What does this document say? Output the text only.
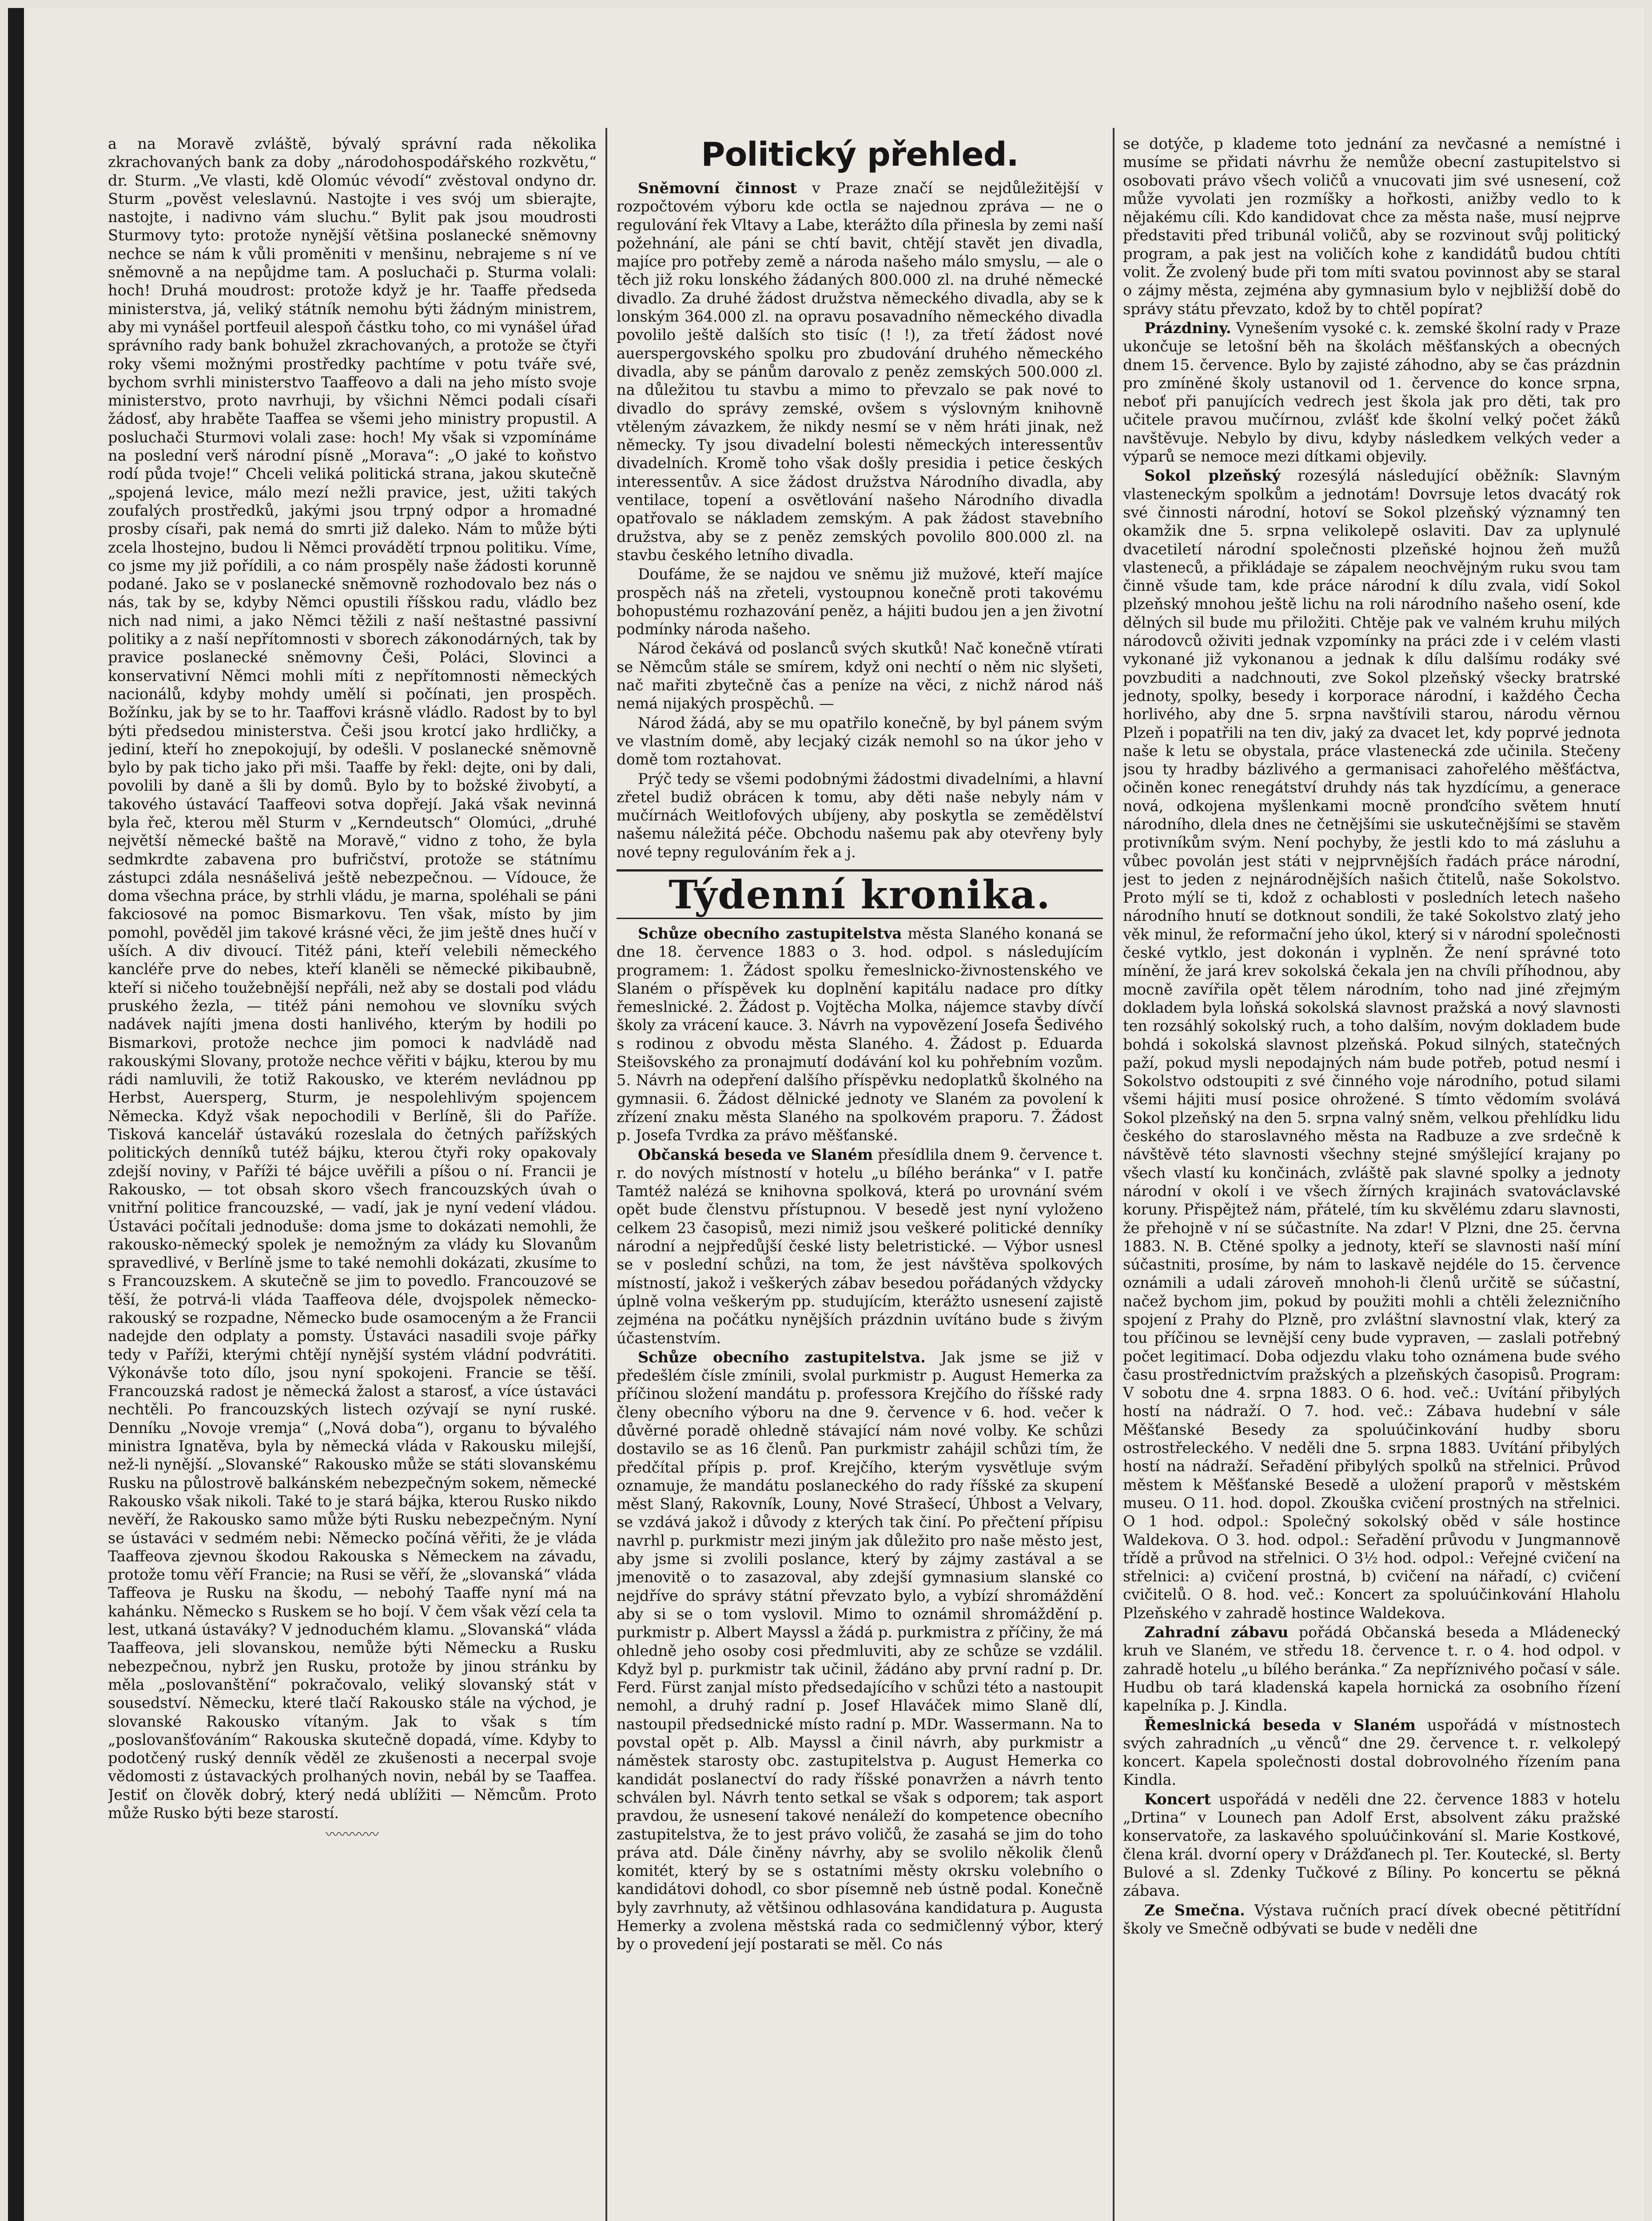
a na Moravě zvláště, bývalý správní rada několika zkrachovaných bank za doby „národohospodářského rozkvětu,“ dr. Sturm. „Ve vlasti, kdě Olomúc vévodí“ zvěstoval ondyno dr. Sturm „pověst veleslavnú. Nastojte i ves svój um sbierajte, nastojte, i nadivno vám sluchu.“ Bylit pak jsou moudrosti Sturmovy tyto: protože nynější většina poslanecké sněmovny nechce se nám k vůli proměniti v menšinu, nebrajeme s ní ve sněmovně a na nepůjdme tam. A posluchači p. Sturma volali: hoch! Druhá moudrost: protože když je hr. Taaffe předseda ministerstva, já, veliký státník nemohu býti žádným ministrem, aby mi vynášel portfeuil alespoň částku toho, co mi vynášel úřad správního rady bank bohužel zkrachovaných, a protože se čtyři roky všemi možnými prostředky pachtíme v potu tváře své, bychom svrhli ministerstvo Taaffeovo a dali na jeho místo svoje ministerstvo, proto navrhuji, by všichni Němci podali císaři žádosť, aby hraběte Taaffea se všemi jeho ministry propustil. A posluchači Sturmovi volali zase: hoch! My však si vzpomínáme na poslední verš národní písně „Morava“: „O jaké to koňstvo rodí půda tvoje!“ Chceli veliká politická strana, jakou skutečně „spojená levice, málo mezí nežli pravice, jest, užiti takých zoufalých prostředků, jakými jsou trpný odpor a hromadné prosby císaři, pak nemá do smrti již daleko. Nám to může býti zcela lhostejno, budou li Němci provádětí trpnou politiku. Víme, co jsme my již pořídili, a co nám prospěly naše žádosti korunně podané. Jako se v poslanecké sněmovně rozhodovalo bez nás o nás, tak by se, kdyby Němci opustili říšskou radu, vládlo bez nich nad nimi, a jako Němci těžili z naší neštastné passivní politiky a z naší nepřítomnosti v sborech zákonodárných, tak by pravice poslanecké sněmovny Češi, Poláci, Slovinci a konservativní Němci mohli míti z nepřítomnosti německých nacionálů, kdyby mohdy umělí si počínati, jen prospěch. Božínku, jak by se to hr. Taaffovi krásně vládlo. Radost by to byl býti předsedou ministerstva. Češi jsou krotcí jako hrdličky, a jediní, kteří ho znepokojují, by odešli. V poslanecké sněmovně bylo by pak ticho jako při mši. Taaffe by řekl: dejte, oni by dali, povolili by daně a šli by domů. Bylo by to božské živobytí, a takového ústavácí Taaffeovi sotva dopřejí. Jaká však nevinná byla řeč, kterou měl Sturm v „Kerndeutsch“ Olomúci, „druhé největší německé baště na Moravě,“ vidno z toho, že byla sedmkrdte zabavena pro bufričství, protože se státnímu zástupci zdála nesnášelivá ještě nebezpečnou. — Vídouce, že doma všechna práce, by strhli vládu, je marna, spoléhali se páni fakciosové na pomoc Bismarkovu. Ten však, místo by jim pomohl, pověděl jim takové krásné věci, že jim ještě dnes hučí v uších. A div divoucí. Titéž páni, kteří velebili německého kancléře prve do nebes, kteří klaněli se německé pikibaubně, kteří si ničeho toužebnější nepřáli, než aby se dostali pod vládu pruského žezla, — titéž páni nemohou ve slovníku svých nadávek najíti jmena dosti hanlivého, kterým by hodili po Bismarkovi, protože nechce jim pomoci k nadvládě nad rakouskými Slovany, protože nechce věřiti v bájku, kterou by mu rádi namluvili, že totiž Rakousko, ve kterém nevládnou pp Herbst, Auersperg, Sturm, je nespolehlivým spojencem Německa. Když však nepochodili v Berlíně, šli do Paříže. Tisková kancelář ústavákú rozeslala do četných pařížských politických denníků tutéž bájku, kterou čtyři roky opakovaly zdejší noviny, v Paříži té bájce uvěřili a píšou o ní. Francii je Rakousko, — tot obsah skoro všech francouzských úvah o vnitřní politice francouzské, — vadí, jak je nyní vedení vládou. Ústaváci počítali jednoduše: doma jsme to dokázati nemohli, že rakousko-německý spolek je nemožným za vlády ku Slovanům spravedlivé, v Berlíně jsme to také nemohli dokázati, zkusíme to s Francouzskem. A skutečně se jim to povedlo. Francouzové se těší, že potrvá-li vláda Taaffeova déle, dvojspolek německo-rakouský se rozpadne, Německo bude osamoceným a že Francii nadejde den odplaty a pomsty. Ústaváci nasadili svoje pářky tedy v Paříži, kterými chtějí nynější systém vládní podvrátiti. Výkonávše toto dílo, jsou nyní spokojeni. Francie se těší. Francouzská radost je německá žalost a starosť, a více ústaváci nechtěli. Po francouzských listech ozývají se nyní ruské. Denníku „Novoje vremja“ („Nová doba“), organu to bývalého ministra Ignatěva, byla by německá vláda v Rakousku milejší, než-li nynější. „Slovanské“ Rakousko může se státi slovanskému Rusku na půlostrově balkánském nebezpečným sokem, německé Rakousko však nikoli. Také to je stará bájka, kterou Rusko nikdo nevěří, že Rakousko samo může býti Rusku nebezpečným. Nyní se ústaváci v sedmém nebi: Německo počíná věřiti, že je vláda Taaffeova zjevnou škodou Rakouska s Německem na závadu, protože tomu věří Francie; na Rusi se věří, že „slovanská“ vláda Taffeova je Rusku na škodu, — nebohý Taaffe nyní má na kahánku. Německo s Ruskem se ho bojí. V čem však vězí cela ta lest, utkaná ústaváky? V jednoduchém klamu. „Slovanská“ vláda Taaffeova, jeli slovanskou, nemůže býti Německu a Rusku nebezpečnou, nybrž jen Rusku, protože by jinou stránku by měla „poslovanštění“ pokračovalo, veliký slovanský stát v sousedství. Německu, které tlačí Rakousko stále na východ, je slovanské Rakousko vítaným. Jak to však s tím „poslovanšťováním“ Rakouska skutečně dopadá, víme. Kdyby to podotčený ruský denník věděl ze zkušenosti a necerpal svoje vědomosti z ústavackých prolhaných novin, nebál by se Taaffea. Jestiť on člověk dobrý, který nedá ublížiti — Němcům. Proto může Rusko býti beze starostí.

〰〰〰〰
Politický přehled.

Sněmovní činnost v Praze značí se nejdůležitější v rozpočtovém výboru kde octla se najednou zpráva — ne o regulování řek Vltavy a Labe, kterážto díla přinesla by zemi naší požehnání, ale páni se chtí bavit, chtějí stavět jen divadla, majíce pro potřeby země a národa našeho málo smyslu, — ale o těch již roku lonského žádaných 800.000 zl. na druhé německé divadlo. Za druhé žádost družstva německého divadla, aby se k lonským 364.000 zl. na opravu posavadního německého divadla povolilo ještě dalších sto tisíc (! !), za třetí žádost nové auerspergovského spolku pro zbudování druhého německého divadla, aby se pánům darovalo z peněz zemských 500.000 zl. na důležitou tu stavbu a mimo to převzalo se pak nové to divadlo do správy zemské, ovšem s výslovným knihovně vtěleným závazkem, že nikdy nesmí se v něm hráti jinak, než německy. Ty jsou divadelní bolesti německých interessentův divadelních. Kromě toho však došly presidia i petice českých interessentův. A sice žádost družstva Národního divadla, aby ventilace, topení a osvětlování našeho Národního divadla opatřovalo se nákladem zemským. A pak žádost stavebního družstva, aby se z peněz zemských povolilo 800.000 zl. na stavbu českého letního divadla.

Doufáme, že se najdou ve sněmu již mužové, kteří majíce prospěch náš na zřeteli, vystoupnou konečně proti takovému bohopustému rozhazování peněz, a hájiti budou jen a jen životní podmínky národa našeho.

Národ čekává od poslanců svých skutků! Nač konečně vtírati se Němcům stále se smírem, když oni nechtí o něm nic slyšeti, nač mařiti zbytečně čas a peníze na věci, z nichž národ náš nemá nijakých prospěchů. —

Národ žádá, aby se mu opatřilo konečně, by byl pánem svým ve vlastním domě, aby lecjaký cizák nemohl so na úkor jeho v domě tom roztahovat.

Prýč tedy se všemi podobnými žádostmi divadelními, a hlavní zřetel budiž obrácen k tomu, aby děti naše nebyly nám v mučírnách Weitlofových ubíjeny, aby poskytla se zemědělství našemu náležitá péče. Obchodu našemu pak aby otevřeny byly nové tepny regulováním řek a j.

Týdenní kronika.

Schůze obecního zastupitelstva města Slaného konaná se dne 18. července 1883 o 3. hod. odpol. s následujícím programem: 1. Žádost spolku řemeslnicko-živnostenského ve Slaném o příspěvek ku doplnění kapitálu nadace pro dítky řemeslnické. 2. Žádost p. Vojtěcha Molka, nájemce stavby dívčí školy za vrácení kauce. 3. Návrh na vypovězení Josefa Šedivého s rodinou z obvodu města Slaného. 4. Žádost p. Eduarda Steišovského za pronajmutí dodávání kol ku pohřebním vozům. 5. Návrh na odepření dalšího příspěvku nedoplatků školného na gymnasii. 6. Žádost dělnické jednoty ve Slaném za povolení k zřízení znaku města Slaného na spolkovém praporu. 7. Žádost p. Josefa Tvrdka za právo měšťanské.

Občanská beseda ve Slaném přesídlila dnem 9. července t. r. do nových místností v hotelu „u bílého beránka“ v I. patře Tamtéž nalézá se knihovna spolková, která po urovnání svém opět bude členstvu přístupnou. V besedě jest nyní vyloženo celkem 23 časopisů, mezi nimiž jsou veškeré politické denníky národní a nejpředůjší české listy beletristické. — Výbor usnesl se v poslední schůzi, na tom, že jest návštěva spolkových místností, jakož i veškerých zábav besedou pořádaných vždycky úplně volna veškerým pp. studujícím, kterážto usnesení zajistě zejména na počátku nynějších prázdnin uvítáno bude s živým účastenstvím.

Schůze obecního zastupitelstva. Jak jsme se již v předešlém čísle zmínili, svolal purkmistr p. August Hemerka za příčinou složení mandátu p. professora Krejčího do říšské rady členy obecního výboru na dne 9. července v 6. hod. večer k důvěrné poradě ohledně stávající nám nové volby. Ke schůzi dostavilo se as 16 členů. Pan purkmistr zahájil schůzi tím, že předčítal přípis p. prof. Krejčího, kterým vysvětluje svým oznamuje, že mandátu poslaneckého do rady říšské za skupení měst Slaný, Rakovník, Louny, Nové Strašecí, Úhbost a Velvary, se vzdává jakož i důvody z kterých tak činí. Po přečtení přípisu navrhl p. purkmistr mezi jiným jak důležito pro naše město jest, aby jsme si zvolili poslance, který by zájmy zastával a se jmenovitě o to zasazoval, aby zdejší gymnasium slanské co nejdříve do správy státní převzato bylo, a vybízí shromáždění aby si se o tom vyslovil. Mimo to oznámil shromáždění p. purkmistr p. Albert Mayssl a žádá p. purkmistra z příčiny, že má ohledně jeho osoby cosi předmluviti, aby ze schůze se vzdálil. Když byl p. purkmistr tak učinil, žádáno aby první radní p. Dr. Ferd. Fürst zanjal místo předsedajícího v schůzi této a nastoupit nemohl, a druhý radní p. Josef Hlaváček mimo Slaně dlí, nastoupil předsednické místo radní p. MDr. Wassermann. Na to povstal opět p. Alb. Mayssl a činil návrh, aby purkmistr a náměstek starosty obc. zastupitelstva p. August Hemerka co kandidát poslanectví do rady říšské ponavržen a návrh tento schválen byl. Návrh tento setkal se však s odporem; tak asport pravdou, že usnesení takové nenáleží do kompetence obecního zastupitelstva, že to jest právo voličů, že zasahá se jim do toho práva atd. Dále činěny návrhy, aby se svolilo několik členů komitét, který by se s ostatními městy okrsku volebního o kandidátovi dohodl, co sbor písemně neb ústně podal. Konečně byly zavrhnuty, až většinou odhlasována kandidatura p. Augusta Hemerky a zvolena městská rada co sedmičlenný výbor, který by o provedení její postarati se měl. Co nás

se dotýče, p klademe toto jednání za nevčasné a nemístné i musíme se přidati návrhu že nemůže obecní zastupitelstvo si osobovati právo všech voličů a vnucovati jim své usnesení, což může vyvolati jen rozmíšky a hořkosti, anižby vedlo to k nějakému cíli. Kdo kandidovat chce za města naše, musí nejprve představiti před tribunál voličů, aby se rozvinout svůj politický program, a pak jest na voličích kohe z kandidátů budou chtíti volit. Že zvolený bude při tom míti svatou povinnost aby se staral o zájmy města, zejména aby gymnasium bylo v nejbližší době do správy státu převzato, kdož by to chtěl popírat?

Prázdniny. Vynešením vysoké c. k. zemské školní rady v Praze ukončuje se letošní běh na školách měšťanských a obecných dnem 15. července. Bylo by zajisté záhodno, aby se čas prázdnin pro zmíněné školy ustanovil od 1. července do konce srpna, neboť při panujících vedrech jest škola jak pro děti, tak pro učitele pravou mučírnou, zvlášť kde školní velký počet žáků navštěvuje. Nebylo by divu, kdyby následkem velkých veder a výparů se nemoce mezi dítkami objevily.

Sokol plzeňský rozesýlá následující oběžník: Slavným vlasteneckým spolkům a jednotám! Dovrsuje letos dvacátý rok své činnosti národní, hotoví se Sokol plzeňský významný ten okamžik dne 5. srpna velikolepě oslaviti. Dav za uplynulé dvacetiletí národní společnosti plzeňské hojnou žeň mužů vlasteneců, a přikládaje se zápalem neochvějným ruku svou tam činně všude tam, kde práce národní k dílu zvala, vidí Sokol plzeňský mnohou ještě lichu na roli národního našeho osení, kde dělných sil bude mu přiložiti. Chtěje pak ve valném kruhu milých národovců oživiti jednak vzpomínky na práci zde i v celém vlasti vykonané již vykonanou a jednak k dílu dalšímu rodáky své povzbuditi a nadchnouti, zve Sokol plzeňský všecky bratrské jednoty, spolky, besedy i korporace národní, i každého Čecha horlivého, aby dne 5. srpna navštívili starou, národu věrnou Plzeň i popatřili na ten div, jaký za dvacet let, kdy poprvé jednota naše k letu se obystala, práce vlastenecká zde učinila. Stečeny jsou ty hradby bázlivého a germanisaci zahořelého měšťáctva, očiněn konec renegátství druhdy nás tak hyzdícímu, a generace nová, odkojena myšlenkami mocně pronďcího světem hnutí národního, dlela dnes ne četnějšími sie uskutečnějšími se stavěm protivníkům svým. Není pochyby, že jestli kdo to má zásluhu a vůbec povolán jest státi v nejprvnějších řadách práce národní, jest to jeden z nejnárodnějších našich čtitelů, naše Sokolstvo. Proto mýlí se ti, kdož z ochablosti v posledních letech našeho národního hnutí se dotknout sondili, že také Sokolstvo zlatý jeho věk minul, že reformační jeho úkol, který si v národní společnosti české vytklo, jest dokonán i vyplněn. Že není správné toto mínění, že jará krev sokolská čekala jen na chvíli příhodnou, aby mocně zavířila opět tělem národním, toho nad jiné zřejmým dokladem byla loňská sokolská slavnost pražská a nový slavnosti ten rozsáhlý sokolský ruch, a toho dalším, novým dokladem bude bohdá i sokolská slavnost plzeňská. Pokud silných, statečných paží, pokud mysli nepodajných nám bude potřeb, potud nesmí i Sokolstvo odstoupiti z své činného voje národního, potud silami všemi hájiti musí posice ohrožené. S tímto vědomím svolává Sokol plzeňský na den 5. srpna valný sněm, velkou přehlídku lidu českého do staroslavného města na Radbuze a zve srdečně k návštěvě této slavnosti všechny stejné smýšlející krajany po všech vlastí ku končinách, zvláště pak slavné spolky a jednoty národní v okolí i ve všech žírných krajinách svatováclavské koruny. Přispějtež nám, přátelé, tím ku skvělému zdaru slavnosti, že přehojně v ní se súčastníte. Na zdar! V Plzni, dne 25. června 1883. N. B. Ctěné spolky a jednoty, kteří se slavnosti naší míní súčastniti, prosíme, by nám to laskavě nejdéle do 15. července oznámili a udali zároveň mnohoh-li členů určitě se súčastní, načež bychom jim, pokud by použiti mohli a chtěli železničního spojení z Prahy do Plzně, pro zvláštní slavnostní vlak, který za tou příčinou se levnější ceny bude vypraven, — zaslali potřebný počet legitimací. Doba odjezdu vlaku toho oznámena bude svého času prostřednictvím pražských a plzeňských časopisů. Program: V sobotu dne 4. srpna 1883. O 6. hod. več.: Uvítání přibylých hostí na nádraží. O 7. hod. več.: Zábava hudební v sále Měšťanské Besedy za spoluúčinkování hudby sboru ostrostřeleckého. V neděli dne 5. srpna 1883. Uvítání přibylých hostí na nádraží. Seřadění přibylých spolků na střelnici. Průvod městem k Měšťanské Besedě a uložení praporů v městském museu. O 11. hod. dopol. Zkouška cvičení prostných na střelnici. O 1 hod. odpol.: Společný sokolský oběd v sále hostince Waldekova. O 3. hod. odpol.: Seřadění průvodu v Jungmannově třídě a průvod na střelnici. O 3½ hod. odpol.: Veřejné cvičení na střelnici: a) cvičení prostná, b) cvičení na nářadí, c) cvičení cvičitelů. O 8. hod. več.: Koncert za spoluúčinkování Hlaholu Plzeňského v zahradě hostince Waldekova.

Zahradní zábavu pořádá Občanská beseda a Mládenecký kruh ve Slaném, ve středu 18. července t. r. o 4. hod odpol. v zahradě hotelu „u bílého beránka.“ Za nepříznivého počasí v sále. Hudbu ob tará kladenská kapela hornická za osobního řízení kapelníka p. J. Kindla.

Řemeslnická beseda v Slaném uspořádá v místnostech svých zahradních „u věnců“ dne 29. července t. r. velkolepý koncert. Kapela společnosti dostal dobrovolného řízením pana Kindla.

Koncert uspořádá v neděli dne 22. července 1883 v hotelu „Drtina“ v Lounech pan Adolf Erst, absolvent záku pražské konservatoře, za laskavého spoluúčinkování sl. Marie Kostkové, člena král. dvorní opery v Drážďanech pl. Ter. Koutecké, sl. Berty Bulové a sl. Zdenky Tučkové z Bíliny. Po koncertu se pěkná zábava.

Ze Smečna. Výstava ručních prací dívek obecné pětitřídní školy ve Smečně odbývati se bude v neděli dne
